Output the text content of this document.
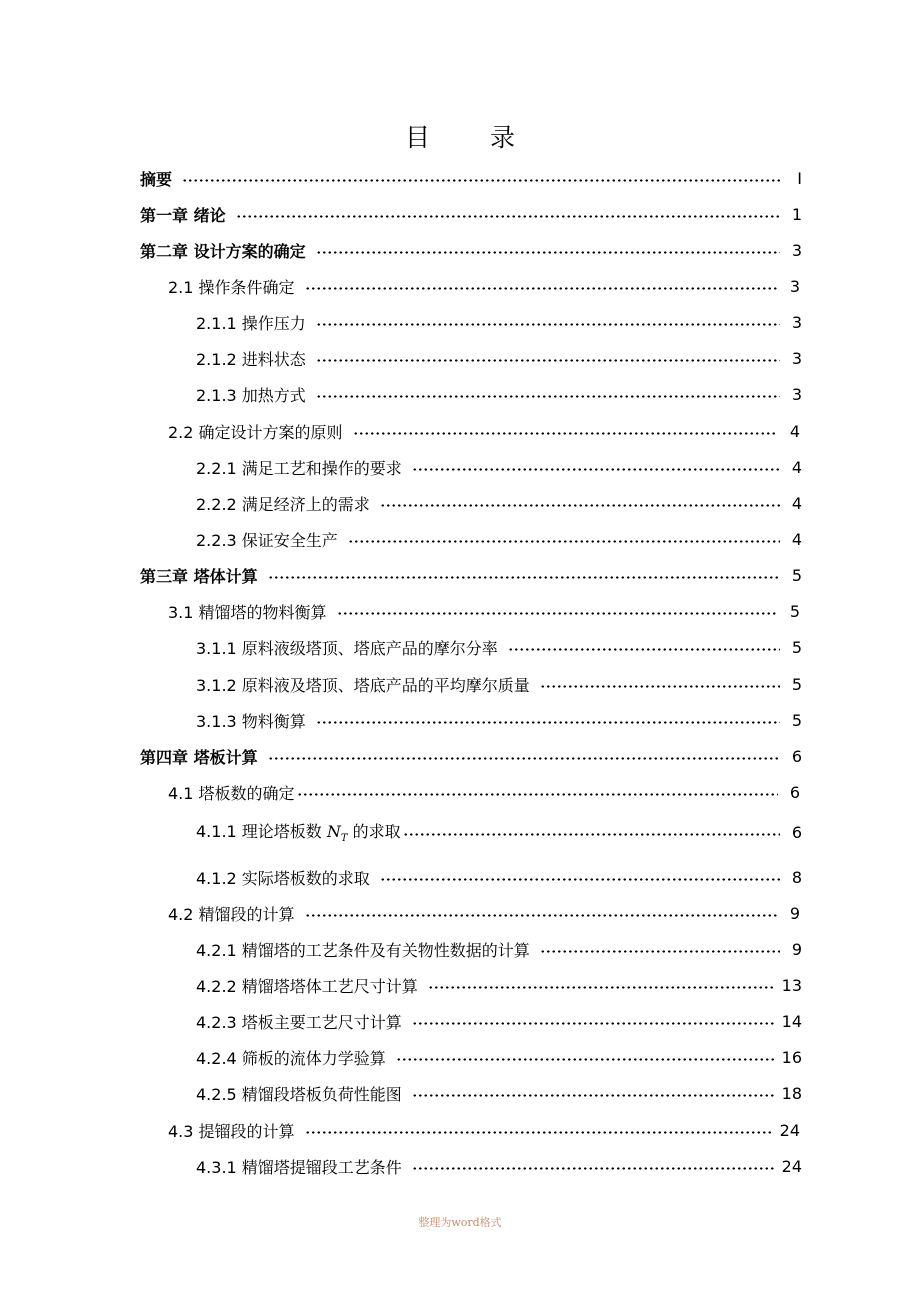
目 录
摘要	I
第一章 绪论	1
第二章 设计方案的确定	3
2.1 操作条件确定	3
2.1.1 操作压力	3
2.1.2 进料状态	3
2.1.3 加热方式	3
2.2 确定设计方案的原则	4
2.2.1 满足工艺和操作的要求	4
2.2.2 满足经济上的需求	4
2.2.3 保证安全生产	4
第三章 塔体计算	5
3.1 精馏塔的物料衡算	5
3.1.1 原料液级塔顶、塔底产品的摩尔分率	5
3.1.2 原料液及塔顶、塔底产品的平均摩尔质量	5
3.1.3 物料衡算	5
第四章 塔板计算	6
4.1 塔板数的确定	6
4.1.1 理论塔板数 $N_T$ 的求取	6
4.1.2 实际塔板数的求取	8
4.2 精馏段的计算	9
4.2.1 精馏塔的工艺条件及有关物性数据的计算	9
4.2.2 精馏塔塔体工艺尺寸计算	13
4.2.3 塔板主要工艺尺寸计算	14
4.2.4 筛板的流体力学验算	16
4.2.5 精馏段塔板负荷性能图	18
4.3 提镏段的计算	24
4.3.1 精馏塔提镏段工艺条件	24
整理为word格式
